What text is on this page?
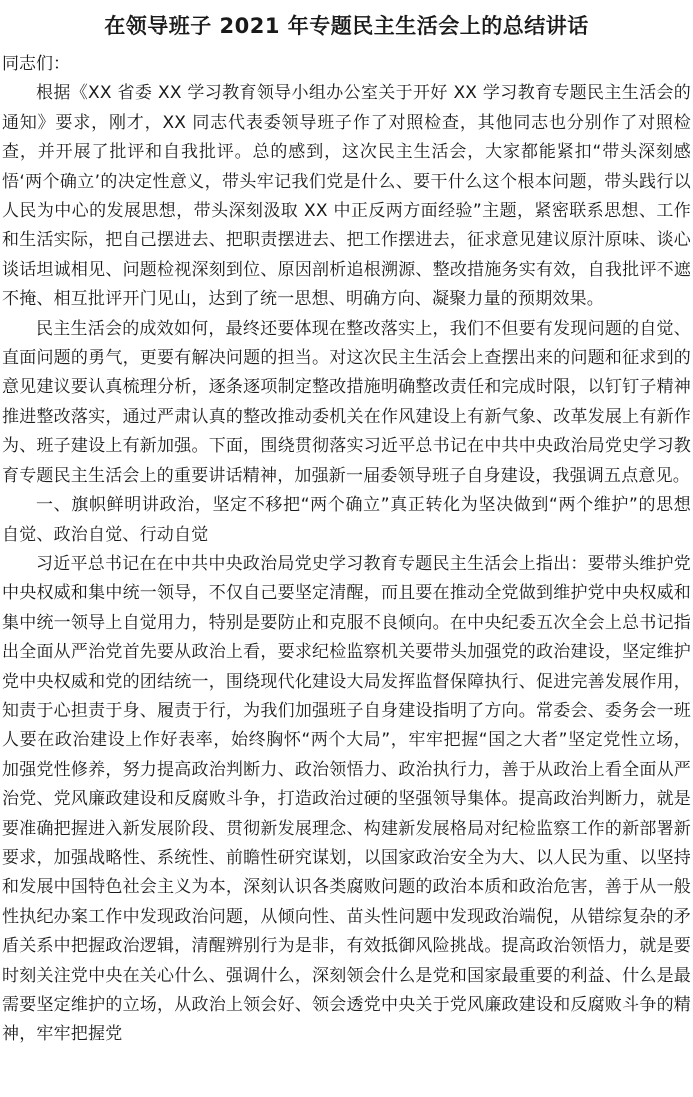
在领导班子 2021 年专题民主生活会上的总结讲话

同志们：

根据《XX 省委 XX 学习教育领导小组办公室关于开好 XX 学习教育专题民主生活会的通知》要求，刚才，XX 同志代表委领导班子作了对照检查，其他同志也分别作了对照检查，并开展了批评和自我批评。总的感到，这次民主生活会，大家都能紧扣“带头深刻感悟‘两个确立’的决定性意义，带头牢记我们党是什么、要干什么这个根本问题，带头践行以人民为中心的发展思想，带头深刻汲取 XX 中正反两方面经验”主题，紧密联系思想、工作和生活实际，把自己摆进去、把职责摆进去、把工作摆进去，征求意见建议原汁原味、谈心谈话坦诚相见、问题检视深刻到位、原因剖析追根溯源、整改措施务实有效，自我批评不遮不掩、相互批评开门见山，达到了统一思想、明确方向、凝聚力量的预期效果。

民主生活会的成效如何，最终还要体现在整改落实上，我们不但要有发现问题的自觉、直面问题的勇气，更要有解决问题的担当。对这次民主生活会上查摆出来的问题和征求到的意见建议要认真梳理分析，逐条逐项制定整改措施明确整改责任和完成时限，以钉钉子精神推进整改落实，通过严肃认真的整改推动委机关在作风建设上有新气象、改革发展上有新作为、班子建设上有新加强。下面，围绕贯彻落实习近平总书记在中共中央政治局党史学习教育专题民主生活会上的重要讲话精神，加强新一届委领导班子自身建设，我强调五点意见。

一、旗帜鲜明讲政治，坚定不移把“两个确立”真正转化为坚决做到“两个维护”的思想自觉、政治自觉、行动自觉

习近平总书记在在中共中央政治局党史学习教育专题民主生活会上指出：要带头维护党中央权威和集中统一领导，不仅自己要坚定清醒，而且要在推动全党做到维护党中央权威和集中统一领导上自觉用力，特别是要防止和克服不良倾向。在中央纪委五次全会上总书记指出全面从严治党首先要从政治上看，要求纪检监察机关要带头加强党的政治建设，坚定维护党中央权威和党的团结统一，围绕现代化建设大局发挥监督保障执行、促进完善发展作用，知责于心担责于身、履责于行，为我们加强班子自身建设指明了方向。常委会、委务会一班人要在政治建设上作好表率，始终胸怀“两个大局”，牢牢把握“国之大者”坚定党性立场，加强党性修养，努力提高政治判断力、政治领悟力、政治执行力，善于从政治上看全面从严治党、党风廉政建设和反腐败斗争，打造政治过硬的坚强领导集体。提高政治判断力，就是要准确把握进入新发展阶段、贯彻新发展理念、构建新发展格局对纪检监察工作的新部署新要求，加强战略性、系统性、前瞻性研究谋划，以国家政治安全为大、以人民为重、以坚持和发展中国特色社会主义为本，深刻认识各类腐败问题的政治本质和政治危害，善于从一般性执纪办案工作中发现政治问题，从倾向性、苗头性问题中发现政治端倪，从错综复杂的矛盾关系中把握政治逻辑，清醒辨别行为是非，有效抵御风险挑战。提高政治领悟力，就是要时刻关注党中央在关心什么、强调什么，深刻领会什么是党和国家最重要的利益、什么是最需要坚定维护的立场，从政治上领会好、领会透党中央关于党风廉政建设和反腐败斗争的精神，牢牢把握党
